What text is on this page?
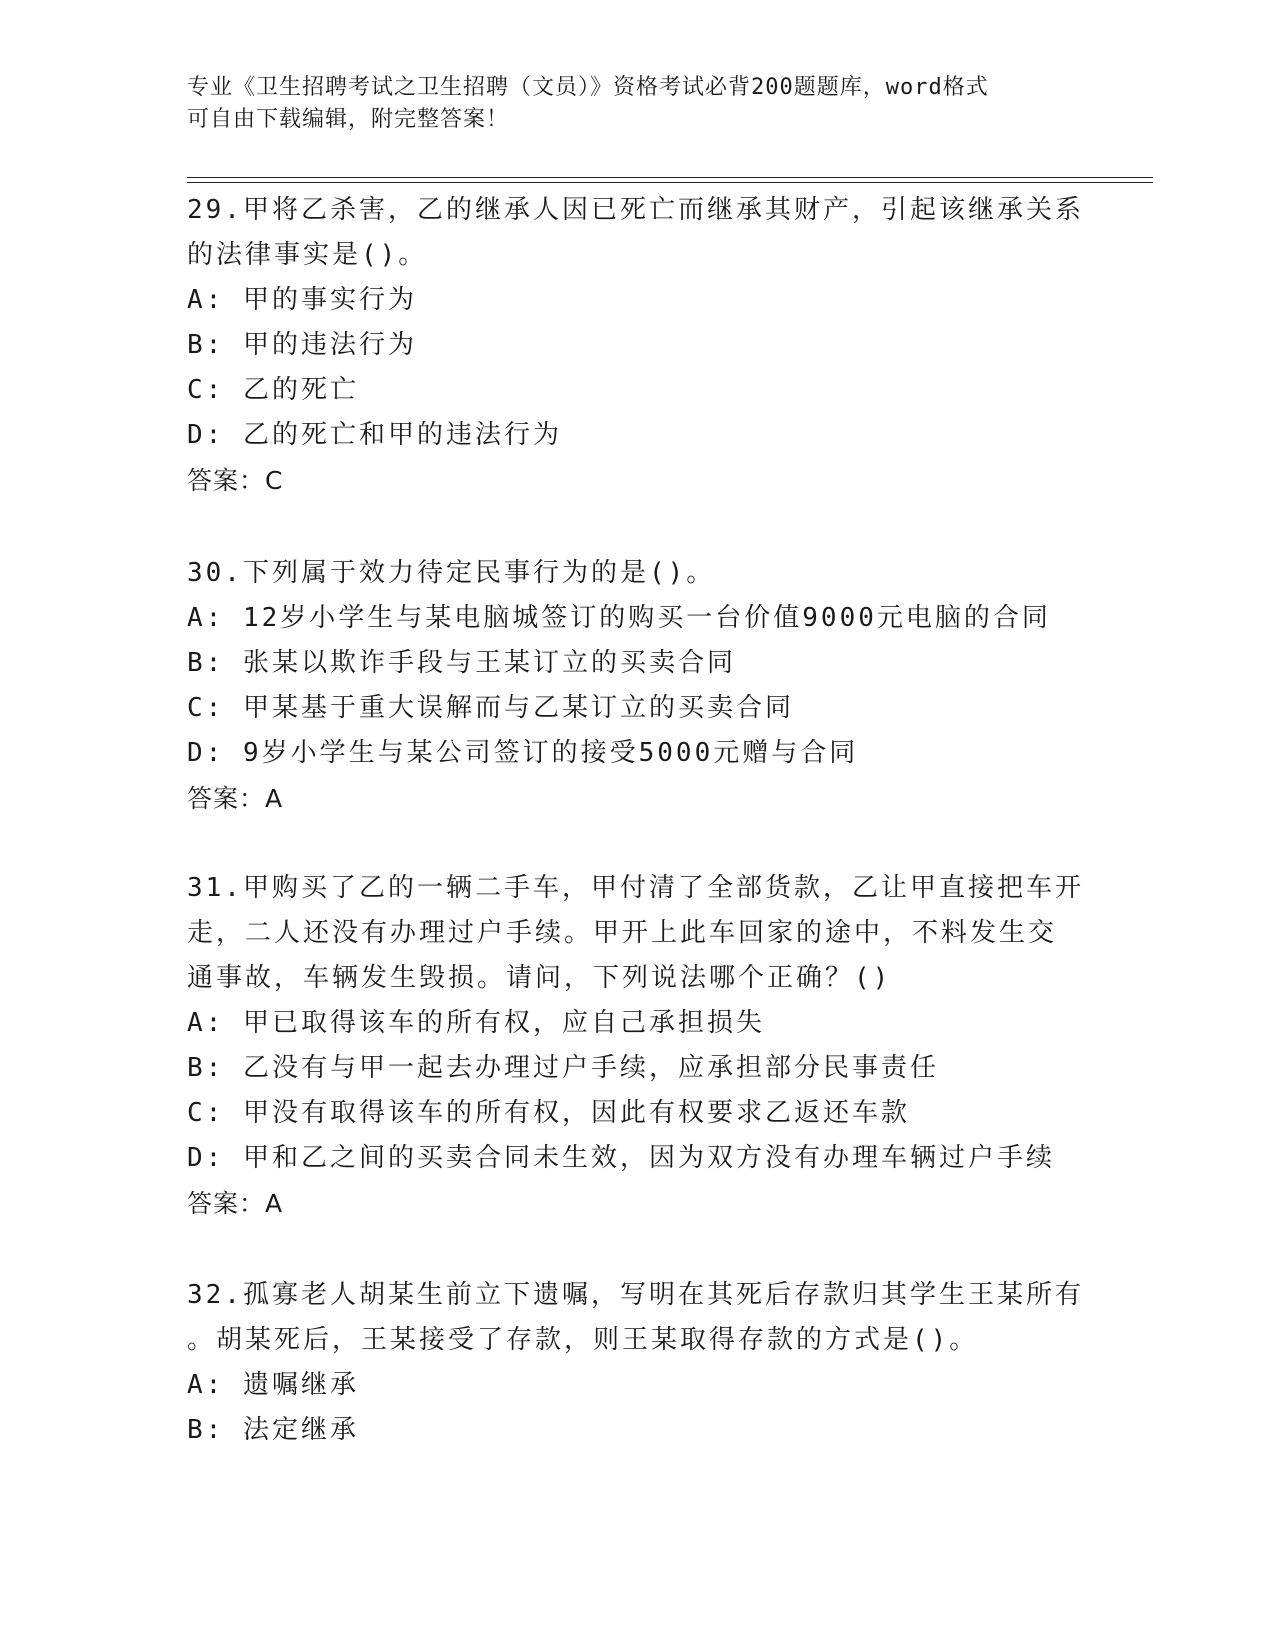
专业《卫生招聘考试之卫生招聘（文员）》资格考试必背200题题库，word格式
可自由下载编辑，附完整答案！
29.甲将乙杀害，乙的继承人因已死亡而继承其财产，引起该继承关系
的法律事实是()。
A: 甲的事实行为
B: 甲的违法行为
C: 乙的死亡
D: 乙的死亡和甲的违法行为
答案：C
30.下列属于效力待定民事行为的是()。
A: 12岁小学生与某电脑城签订的购买一台价值9000元电脑的合同
B: 张某以欺诈手段与王某订立的买卖合同
C: 甲某基于重大误解而与乙某订立的买卖合同
D: 9岁小学生与某公司签订的接受5000元赠与合同
答案：A
31.甲购买了乙的一辆二手车，甲付清了全部货款，乙让甲直接把车开
走，二人还没有办理过户手续。甲开上此车回家的途中，不料发生交
通事故，车辆发生毁损。请问，下列说法哪个正确？()
A: 甲已取得该车的所有权，应自己承担损失
B: 乙没有与甲一起去办理过户手续，应承担部分民事责任
C: 甲没有取得该车的所有权，因此有权要求乙返还车款
D: 甲和乙之间的买卖合同未生效，因为双方没有办理车辆过户手续
答案：A
32.孤寡老人胡某生前立下遗嘱，写明在其死后存款归其学生王某所有
。胡某死后，王某接受了存款，则王某取得存款的方式是()。
A: 遗嘱继承
B: 法定继承
